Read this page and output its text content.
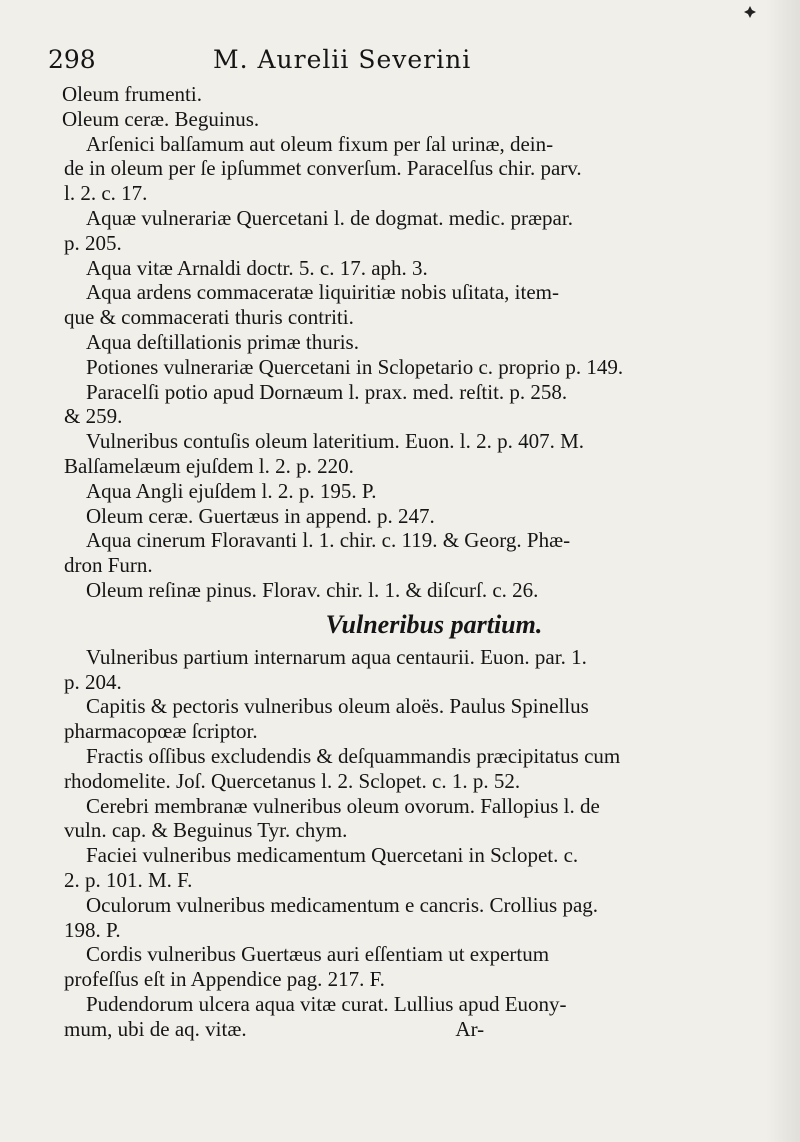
298	M. Aurelii Severini
Oleum frumenti.
Oleum ceræ. Beguinus.
Arſenici balſamum aut oleum fixum per ſal urinæ, dein-
de in oleum per ſe ipſummet converſum. Paracelſus chir. parv.
l. 2. c. 17.
Aquæ vulnerariæ Quercetani l. de dogmat. medic. præpar.
p. 205.
Aqua vitæ Arnaldi doctr. 5. c. 17. aph. 3.
Aqua ardens commaceratæ liquiritiæ nobis uſitata, item-
que & commacerati thuris contriti.
Aqua deſtillationis primæ thuris.
Potiones vulnerariæ Quercetani in Sclopetario c. proprio p. 149.
Paracelſi potio apud Dornæum l. prax. med. reſtit. p. 258.
& 259.
Vulneribus contuſis oleum lateritium. Euon. l. 2. p. 407. M.
Balſamelæum ejuſdem l. 2. p. 220.
Aqua Angli ejuſdem l. 2. p. 195. P.
Oleum ceræ. Guertæus in append. p. 247.
Aqua cinerum Floravanti l. 1. chir. c. 119. & Georg. Phæ-
dron Furn.
Oleum reſinæ pinus. Florav. chir. l. 1. & diſcurſ. c. 26.
Vulneribus partium.
Vulneribus partium internarum aqua centaurii. Euon. par. 1.
p. 204.
Capitis & pectoris vulneribus oleum aloës. Paulus Spinellus
pharmacopœæ ſcriptor.
Fractis oſſibus excludendis & deſquammandis præcipitatus cum
rhodomelite. Joſ. Quercetanus l. 2. Sclopet. c. 1. p. 52.
Cerebri membranæ vulneribus oleum ovorum. Fallopius l. de
vuln. cap. & Beguinus Tyr. chym.
Faciei vulneribus medicamentum Quercetani in Sclopet. c.
2. p. 101. M. F.
Oculorum vulneribus medicamentum e cancris. Crollius pag.
198. P.
Cordis vulneribus Guertæus auri eſſentiam ut expertum
profeſſus eſt in Appendice pag. 217. F.
Pudendorum ulcera aqua vitæ curat. Lullius apud Euony-
mum, ubi de aq. vitæ.                                        Ar-
